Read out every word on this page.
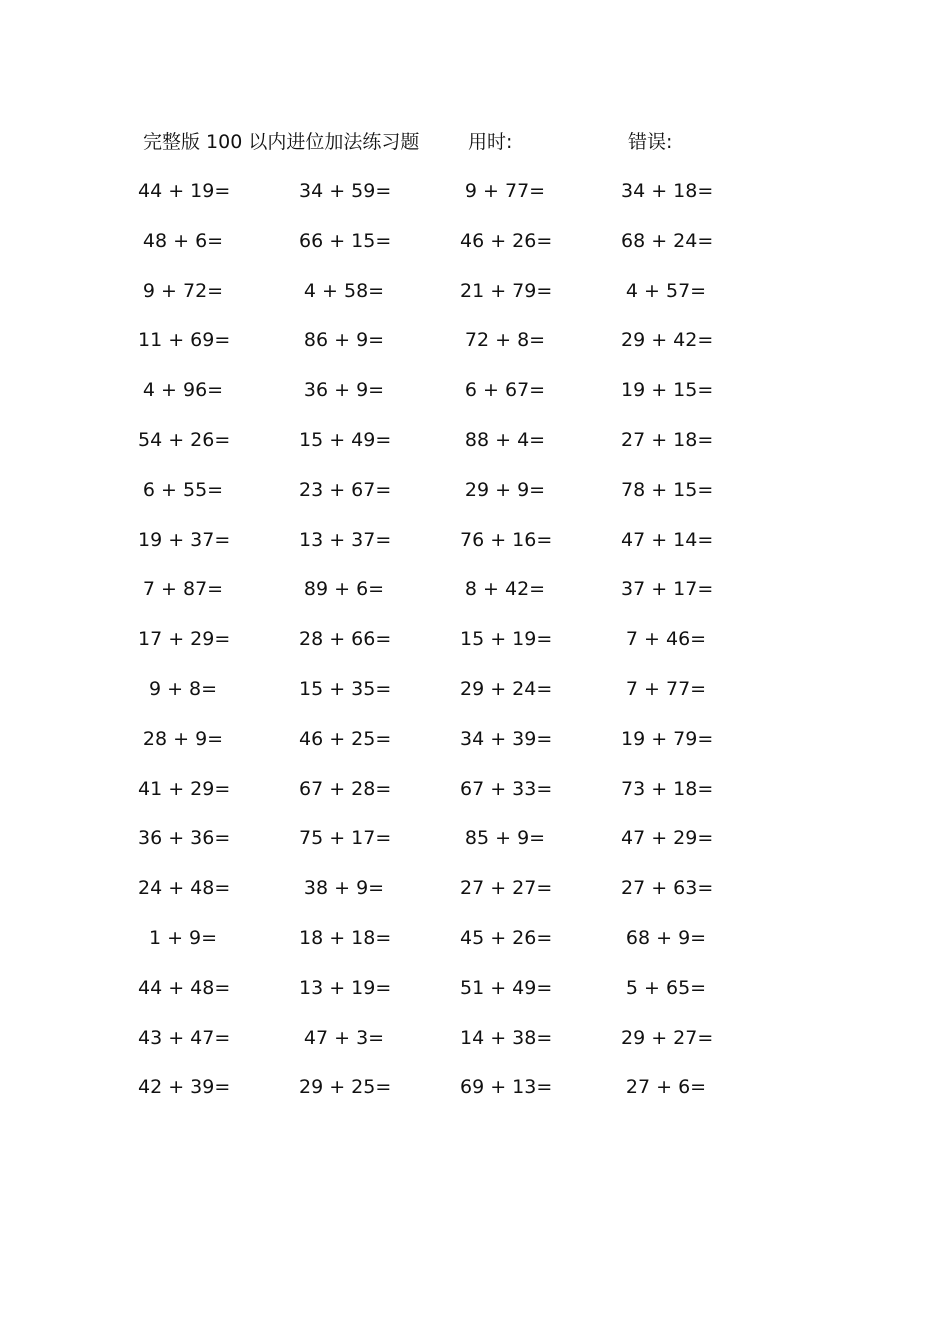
完整版 100 以内进位加法练习题	用时:	错误:
44 + 19=	34 + 59=	9 + 77=	34 + 18=
48 + 6=	66 + 15=	46 + 26=	68 + 24=
9 + 72=	4 + 58=	21 + 79=	4 + 57=
11 + 69=	86 + 9=	72 + 8=	29 + 42=
4 + 96=	36 + 9=	6 + 67=	19 + 15=
54 + 26=	15 + 49=	88 + 4=	27 + 18=
6 + 55=	23 + 67=	29 + 9=	78 + 15=
19 + 37=	13 + 37=	76 + 16=	47 + 14=
7 + 87=	89 + 6=	8 + 42=	37 + 17=
17 + 29=	28 + 66=	15 + 19=	7 + 46=
9 + 8=	15 + 35=	29 + 24=	7 + 77=
28 + 9=	46 + 25=	34 + 39=	19 + 79=
41 + 29=	67 + 28=	67 + 33=	73 + 18=
36 + 36=	75 + 17=	85 + 9=	47 + 29=
24 + 48=	38 + 9=	27 + 27=	27 + 63=
1 + 9=	18 + 18=	45 + 26=	68 + 9=
44 + 48=	13 + 19=	51 + 49=	5 + 65=
43 + 47=	47 + 3=	14 + 38=	29 + 27=
42 + 39=	29 + 25=	69 + 13=	27 + 6=
